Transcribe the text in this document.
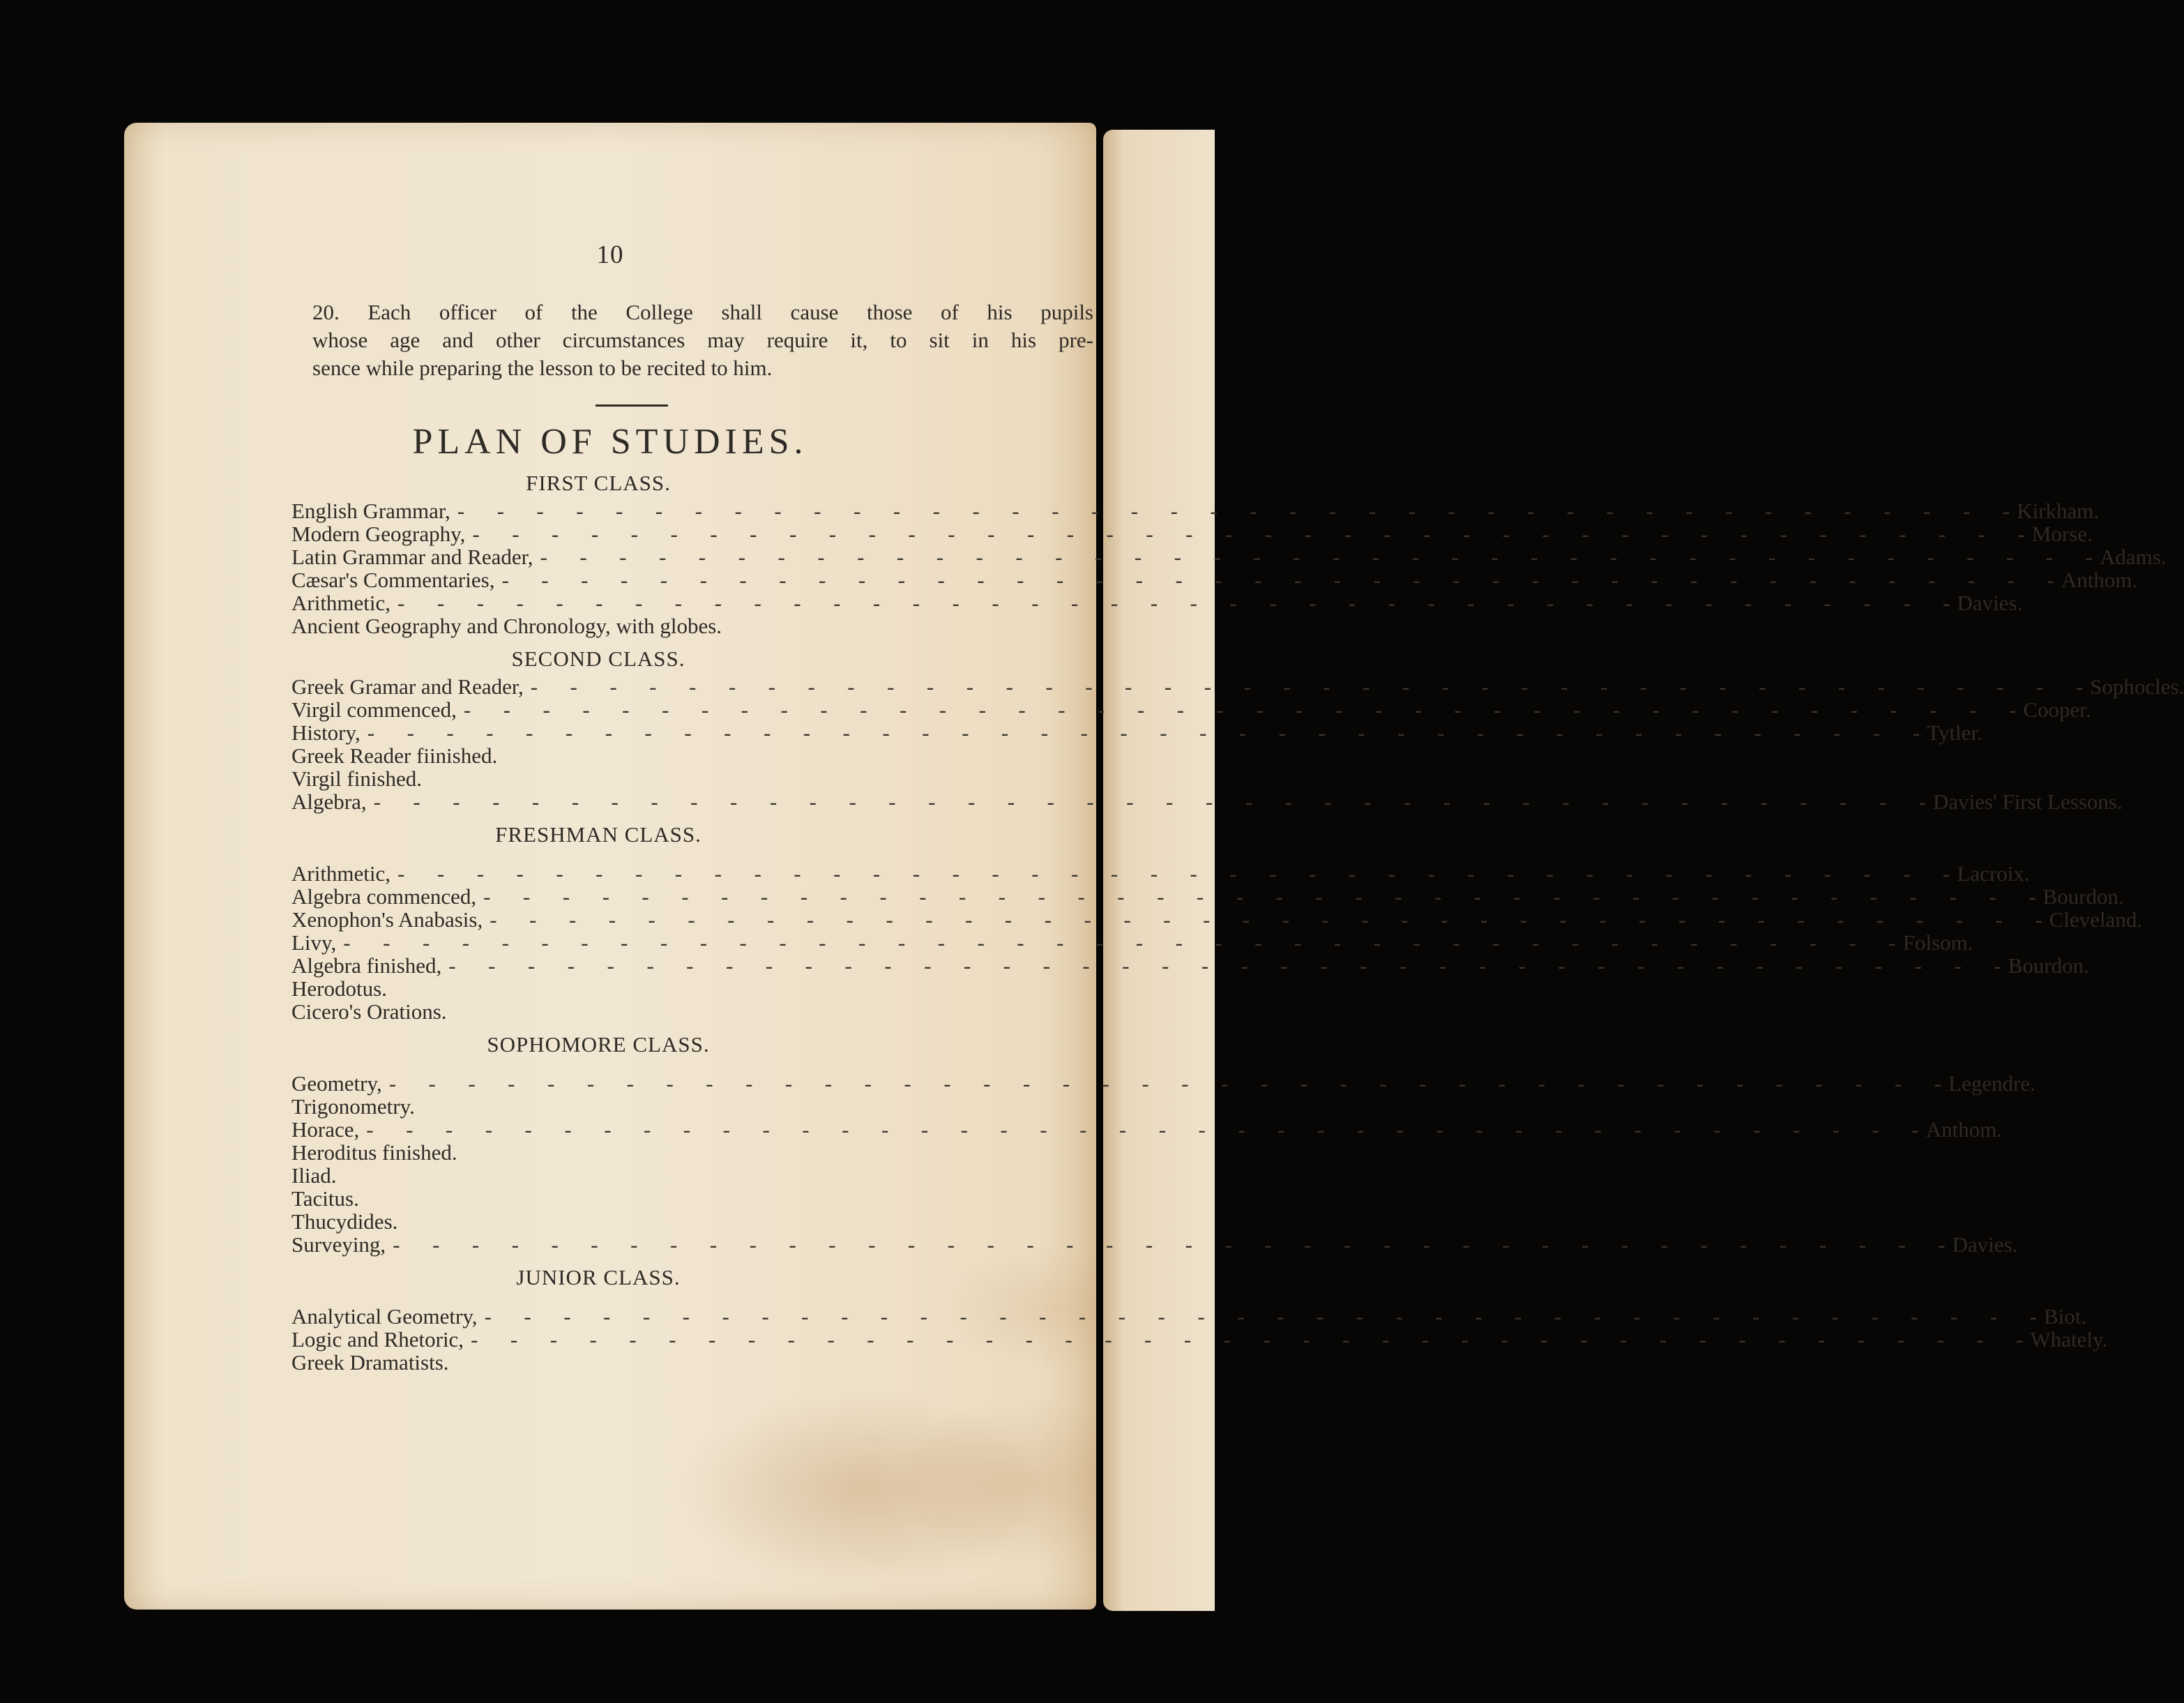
10

20. Each officer of the College shall cause those of his pupils
whose age and other circumstances may require it, to sit in his pre-
sence while preparing the lesson to be recited to him.

PLAN OF STUDIES.
FIRST CLASS.
English Grammar, -  -  -  -  -  -  -  -  -  -  -  -  -  -  -  -  -  -  -  -  -  -  -  -  -  -  -  -  -  -  -  -  -  -  -  -  -  -  -  - Kirkham.
Modern Geography, -  -  -  -  -  -  -  -  -  -  -  -  -  -  -  -  -  -  -  -  -  -  -  -  -  -  -  -  -  -  -  -  -  -  -  -  -  -  -  - Morse.
Latin Grammar and Reader, -  -  -  -  -  -  -  -  -  -  -  -  -  -  -  -  -  -  -  -  -  -  -  -  -  -  -  -  -  -  -  -  -  -  -  -  -  -  -  - Adams.
Cæsar's Commentaries, -  -  -  -  -  -  -  -  -  -  -  -  -  -  -  -  -  -  -  -  -  -  -  -  -  -  -  -  -  -  -  -  -  -  -  -  -  -  -  - Anthom.
Arithmetic, -  -  -  -  -  -  -  -  -  -  -  -  -  -  -  -  -  -  -  -  -  -  -  -  -  -  -  -  -  -  -  -  -  -  -  -  -  -  -  - Davies.
Ancient Geography and Chronology, with globes.
SECOND CLASS.
Greek Gramar and Reader, -  -  -  -  -  -  -  -  -  -  -  -  -  -  -  -  -  -  -  -  -  -  -  -  -  -  -  -  -  -  -  -  -  -  -  -  -  -  -  - Sophocles.
Virgil commenced, -  -  -  -  -  -  -  -  -  -  -  -  -  -  -  -  -  -  -  -  -  -  -  -  -  -  -  -  -  -  -  -  -  -  -  -  -  -  -  - Cooper.
History, -  -  -  -  -  -  -  -  -  -  -  -  -  -  -  -  -  -  -  -  -  -  -  -  -  -  -  -  -  -  -  -  -  -  -  -  -  -  -  - Tytler.
Greek Reader fiinished.
Virgil finished.
Algebra, -  -  -  -  -  -  -  -  -  -  -  -  -  -  -  -  -  -  -  -  -  -  -  -  -  -  -  -  -  -  -  -  -  -  -  -  -  -  -  - Davies' First Lessons.
FRESHMAN CLASS.
Arithmetic, -  -  -  -  -  -  -  -  -  -  -  -  -  -  -  -  -  -  -  -  -  -  -  -  -  -  -  -  -  -  -  -  -  -  -  -  -  -  -  - Lacroix.
Algebra commenced, -  -  -  -  -  -  -  -  -  -  -  -  -  -  -  -  -  -  -  -  -  -  -  -  -  -  -  -  -  -  -  -  -  -  -  -  -  -  -  - Bourdon.
Xenophon's Anabasis, -  -  -  -  -  -  -  -  -  -  -  -  -  -  -  -  -  -  -  -  -  -  -  -  -  -  -  -  -  -  -  -  -  -  -  -  -  -  -  - Cleveland.
Livy, -  -  -  -  -  -  -  -  -  -  -  -  -  -  -  -  -  -  -  -  -  -  -  -  -  -  -  -  -  -  -  -  -  -  -  -  -  -  -  - Folsom.
Algebra finished, -  -  -  -  -  -  -  -  -  -  -  -  -  -  -  -  -  -  -  -  -  -  -  -  -  -  -  -  -  -  -  -  -  -  -  -  -  -  -  - Bourdon.
Herodotus.
Cicero's Orations.
SOPHOMORE CLASS.
Geometry, -  -  -  -  -  -  -  -  -  -  -  -  -  -  -  -  -  -  -  -  -  -  -  -  -  -  -  -  -  -  -  -  -  -  -  -  -  -  -  - Legendre.
Trigonometry.
Horace, -  -  -  -  -  -  -  -  -  -  -  -  -  -  -  -  -  -  -  -  -  -  -  -  -  -  -  -  -  -  -  -  -  -  -  -  -  -  -  - Anthom.
Heroditus finished.
Iliad.
Tacitus.
Thucydides.
Surveying, -  -  -  -  -  -  -  -  -  -  -  -  -  -  -  -  -  -  -  -  -  -  -  -  -  -  -  -  -  -  -  -  -  -  -  -  -  -  -  - Davies.
JUNIOR CLASS.
Analytical Geometry, -  -  -  -  -  -  -  -  -  -  -  -  -  -  -  -  -  -  -  -  -  -  -  -  -  -  -  -  -  -  -  -  -  -  -  -  -  -  -  - Biot.
Logic and Rhetoric, -  -  -  -  -  -  -  -  -  -  -  -  -  -  -  -  -  -  -  -  -  -  -  -  -  -  -  -  -  -  -  -  -  -  -  -  -  -  -  - Whately.
Greek Dramatists.
